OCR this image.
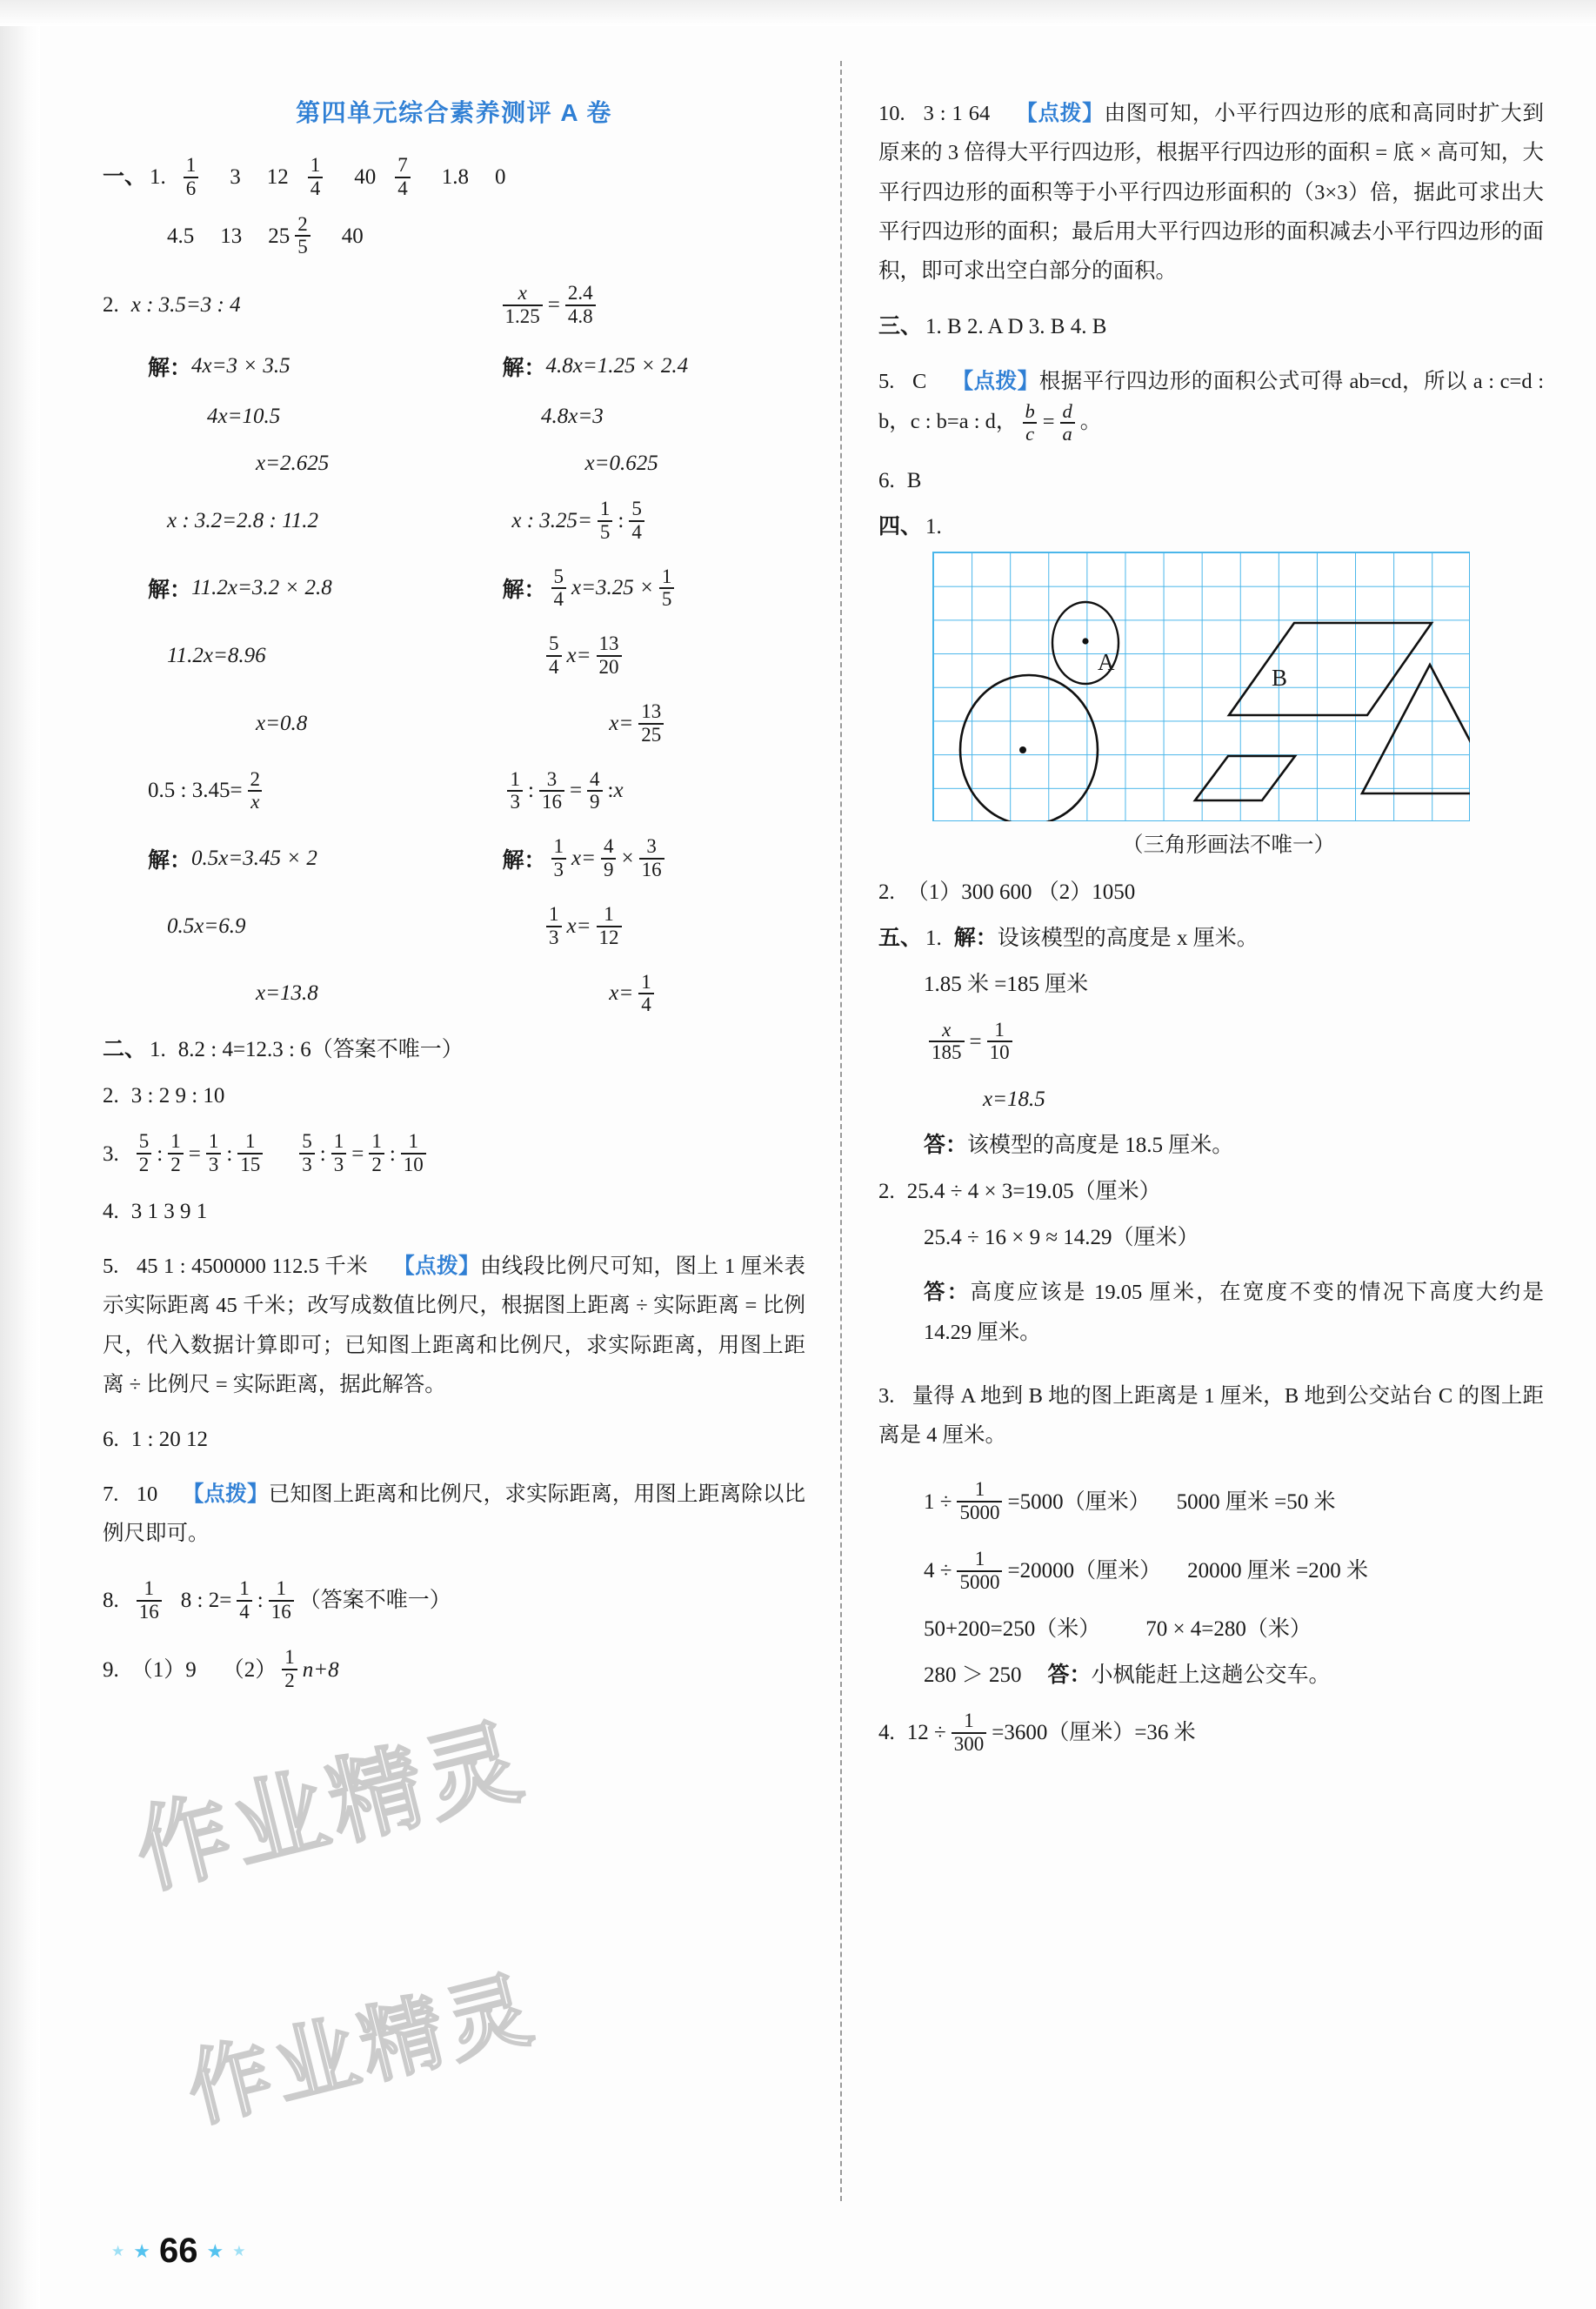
第四单元综合素养测评 A 卷
一、 1. $\frac{1}{6} 3$ $12 \frac{1}{4} 40 \frac{7}{4} 1.8$ 0
4.5 13 $25 \frac{2}{5} 40$
2. x : 3.5=3 : 4	$\frac{x}{1.25} = \frac{2.4}{4.8}$
解： 4x=3 × 3.5	解： 4.8x=1.25 × 2.4
4x=10.5	4.8x=3
x=2.625	x=0.625
x : 3.2=2.8 : 11.2	x : $3.25= \frac{1}{5}$ : $\frac{5}{4}$
解： 11.2x=3.2 × 2.8	解： $\frac{5}{4} x=3.25 \times \frac{1}{5}$
11.2x=8.96	$\frac{5}{4} x= \frac{13}{20}$
x=0.8	$x= \frac{13}{25}$
0.5 : $3.45= \frac{2}{x}$	$\frac{1}{3}$ : $\frac{3}{16} = \frac{4}{9}$ : x
解： 0.5x=3.45 × 2	解： $\frac{1}{3} x= \frac{4}{9} \times \frac{3}{16}$
0.5x=6.9	$\frac{1}{3} x= \frac{1}{12}$
x=13.8	$x= \frac{1}{4}$
二、 1. 8.2 : 4=12.3 : 6（答案不唯一）
2. 3 : 2 9 : 10
3. $\frac{5}{2}$ : $\frac{1}{2} = \frac{1}{3}$ : $\frac{1}{15} \frac{5}{3}$ : $\frac{1}{3} = \frac{1}{2}$ : $\frac{1}{10}$
4. 3 1 3 9 1
5. 45 1 : 4500000 112.5 千米 【点拨】由线段比例尺可知，图上 1 厘米表示实际距离 45 千米；改写成数值比例尺，根据图上距离 ÷ 实际距离 = 比例尺，代入数据计算即可；已知图上距离和比例尺，求实际距离，用图上距离 ÷ 比例尺 = 实际距离，据此解答。
6. 1 : 20 12
7. 10 【点拨】已知图上距离和比例尺，求实际距离，用图上距离除以比例尺即可。
8. $\frac{1}{16} 8$ : $2= \frac{1}{4}$ : $\frac{1}{16}$ （答案不唯一）
9. （1）9 $(2) \frac{1}{2} n+8$
10. 3 : 1 64 【点拨】由图可知，小平行四边形的底和高同时扩大到原来的 3 倍得大平行四边形，根据平行四边形的面积 = 底 × 高可知，大平行四边形的面积等于小平行四边形面积的（3×3）倍，据此可求出大平行四边形的面积；最后用大平行四边形的面积减去小平行四边形的面积，即可求出空白部分的面积。
三、 1. B 2. A D 3. B 4. B
5. C 【点拨】根据平行四边形的面积公式可得 ab=cd，所以 a : c=d : b，c : b=a : d， $\frac{b}{c} = \frac{d}{a}$ 。
6. B
四、 1.
A
B
（三角形画法不唯一）
2. （1）300 600 （2）1050
五、 1. 解： 设该模型的高度是 x 厘米。
1.85 米 =185 厘米
$\frac{x}{185} = \frac{1}{10}$
x=18.5
答： 该模型的高度是 18.5 厘米。
2. 25.4 ÷ 4 × 3=19.05（厘米）
25.4 ÷ 16 × 9 ≈ 14.29（厘米）
答：高度应该是 19.05 厘米，在宽度不变的情况下高度大约是 14.29 厘米。
3. 量得 A 地到 B 地的图上距离是 1 厘米，B 地到公交站台 C 的图上距离是 4 厘米。
$1 \div \frac{1}{5000} =5000$（厘米） 5000 厘米 =50 米
$4 \div \frac{1}{5000} =20000$（厘米） 20000 厘米 =200 米
50+200=250（米） 70 × 4=280（米）
280 ＞ 250 答： 小枫能赶上这趟公交车。
4. $12 \div \frac{1}{300} =3600$（厘米）=36 米
作业精灵
作业精灵
★ ★ 66 ★ ★
